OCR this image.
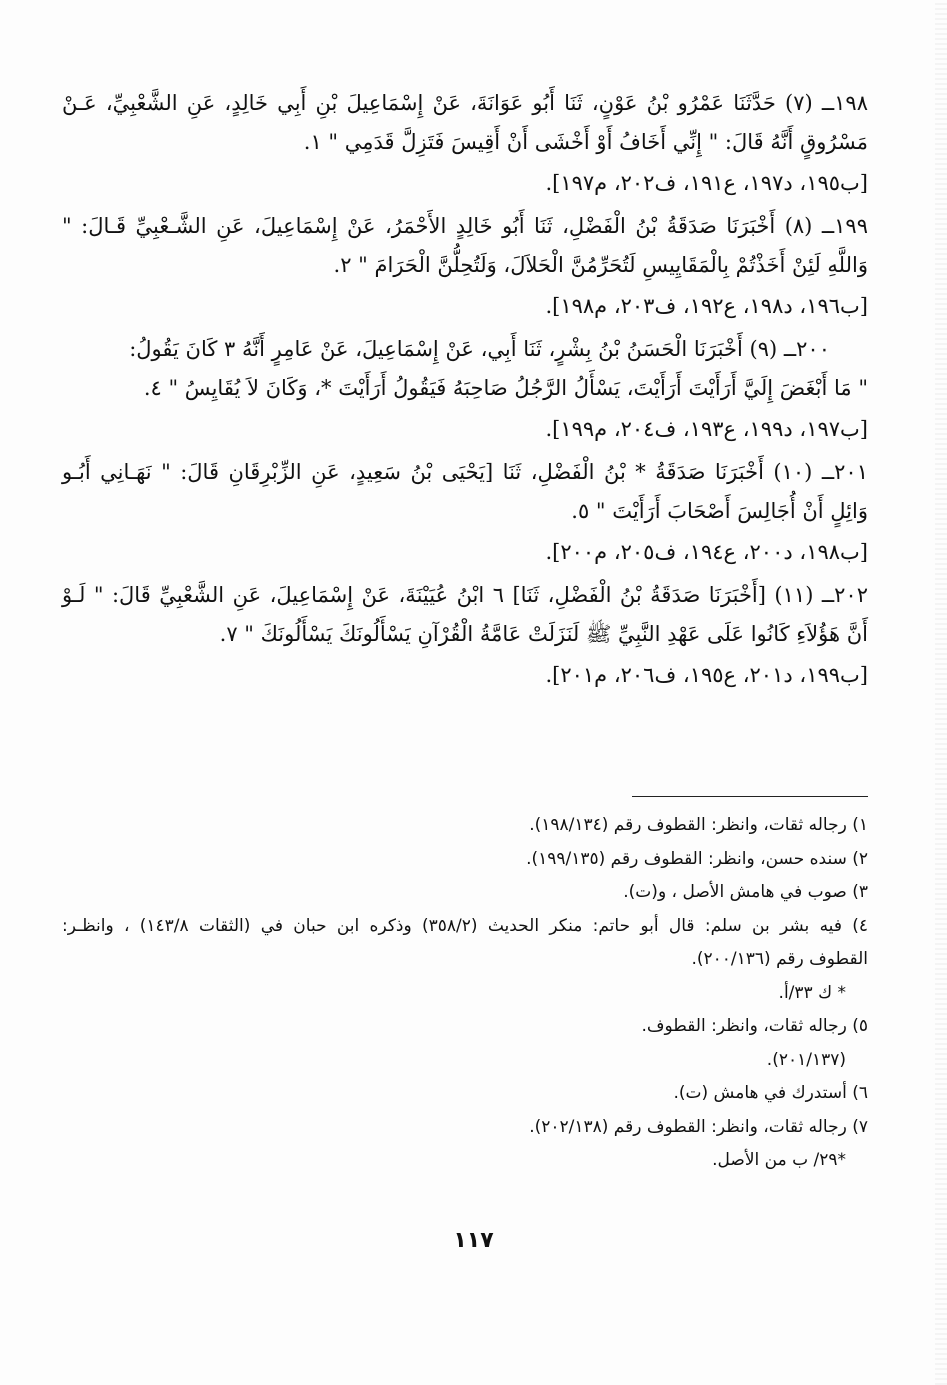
١٩٨ــ (٧) حَدَّثَنَا عَمْرُو بْنُ عَوْنٍ، ثَنَا أَبُو عَوَانَةَ، عَنْ إِسْمَاعِيلَ بْنِ أَبِي خَالِدٍ، عَنِ الشَّعْبِيِّ، عَـنْ
مَسْرُوقٍ أَنَّهُ قَالَ: " إِنِّي أَخَافُ أَوْ أَخْشَى أَنْ أَقِيسَ فَتَزِلَّ قَدَمِي " ١.
[ب١٩٥، د١٩٧، ع١٩١، ف٢٠٢، م١٩٧].
١٩٩ــ (٨) أَخْبَرَنَا صَدَقَةُ بْنُ الْفَضْلِ، ثَنَا أَبُو خَالِدٍ الأَحْمَرُ، عَنْ إِسْمَاعِيلَ، عَنِ الشَّـعْبِيِّ قَـالَ: "
وَاللَّهِ لَئِنْ أَخَذْتُمْ بِالْمَقَايِيسِ لَتُحَرِّمُنَّ الْحَلاَلَ، وَلَتُحِلُّنَّ الْحَرَامَ " ٢.
[ب١٩٦، د١٩٨، ع١٩٢، ف٢٠٣، م١٩٨].
٢٠٠ــ (٩) أَخْبَرَنَا الْحَسَنُ بْنُ بِشْرٍ، ثَنَا أَبِي، عَنْ إِسْمَاعِيلَ، عَنْ عَامِرٍ أَنَّهُ ٣ كَانَ يَقُولُ:
" مَا أَبْغَضَ إِلَيَّ أَرَأَيْتَ أَرَأَيْتَ، يَسْأَلُ الرَّجُلُ صَاحِبَهُ فَيَقُولُ أَرَأَيْتَ *، وَكَانَ لاَ يُقَايِسُ " ٤.
[ب١٩٧، د١٩٩، ع١٩٣، ف٢٠٤، م١٩٩].
٢٠١ــ (١٠) أَخْبَرَنَا صَدَقَةُ * بْنُ الْفَضْلِ، ثَنَا [يَحْيَى بْنُ سَعِيدٍ، عَنِ الزِّبْرِقَانِ قَالَ: " نَهَـانِي أَبُـو
وَائِلٍ أَنْ أُجَالِسَ أَصْحَابَ أَرَأَيْتَ " ٥.
[ب١٩٨، د٢٠٠، ع١٩٤، ف٢٠٥، م٢٠٠].
٢٠٢ــ (١١) [أَخْبَرَنَا صَدَقَةُ بْنُ الْفَضْلِ، ثَنَا] ٦ ابْنُ عُيَيْنَةَ، عَنْ إِسْمَاعِيلَ، عَنِ الشَّعْبِيِّ قَالَ: " لَـوْ
أَنَّ هَؤُلاَءِ كَانُوا عَلَى عَهْدِ النَّبِيِّ ﷺ لَنَزَلَتْ عَامَّةُ الْقُرْآنِ يَسْأَلُونَكَ يَسْأَلُونَكَ " ٧.
[ب١٩٩، د٢٠١، ع١٩٥، ف٢٠٦، م٢٠١].
١) رجاله ثقات، وانظر: القطوف رقم (١٩٨/١٣٤).
٢) سنده حسن، وانظر: القطوف رقم (١٩٩/١٣٥).
٣) صوب في هامش الأصل ، و(ت).
٤) فيه بشر بن سلم: قال أبو حاتم: منكر الحديث (٣٥٨/٢) وذكره ابن حبان في (الثقات ١٤٣/٨) ، وانظـر:
القطوف رقم (٢٠٠/١٣٦).
* ك ٣٣/أ.
٥) رجاله ثقات، وانظر: القطوف.
(٢٠١/١٣٧).
٦) أستدرك في هامش (ت).
٧) رجاله ثقات، وانظر: القطوف رقم (٢٠٢/١٣٨).
*٢٩/ ب من الأصل.
١١٧
